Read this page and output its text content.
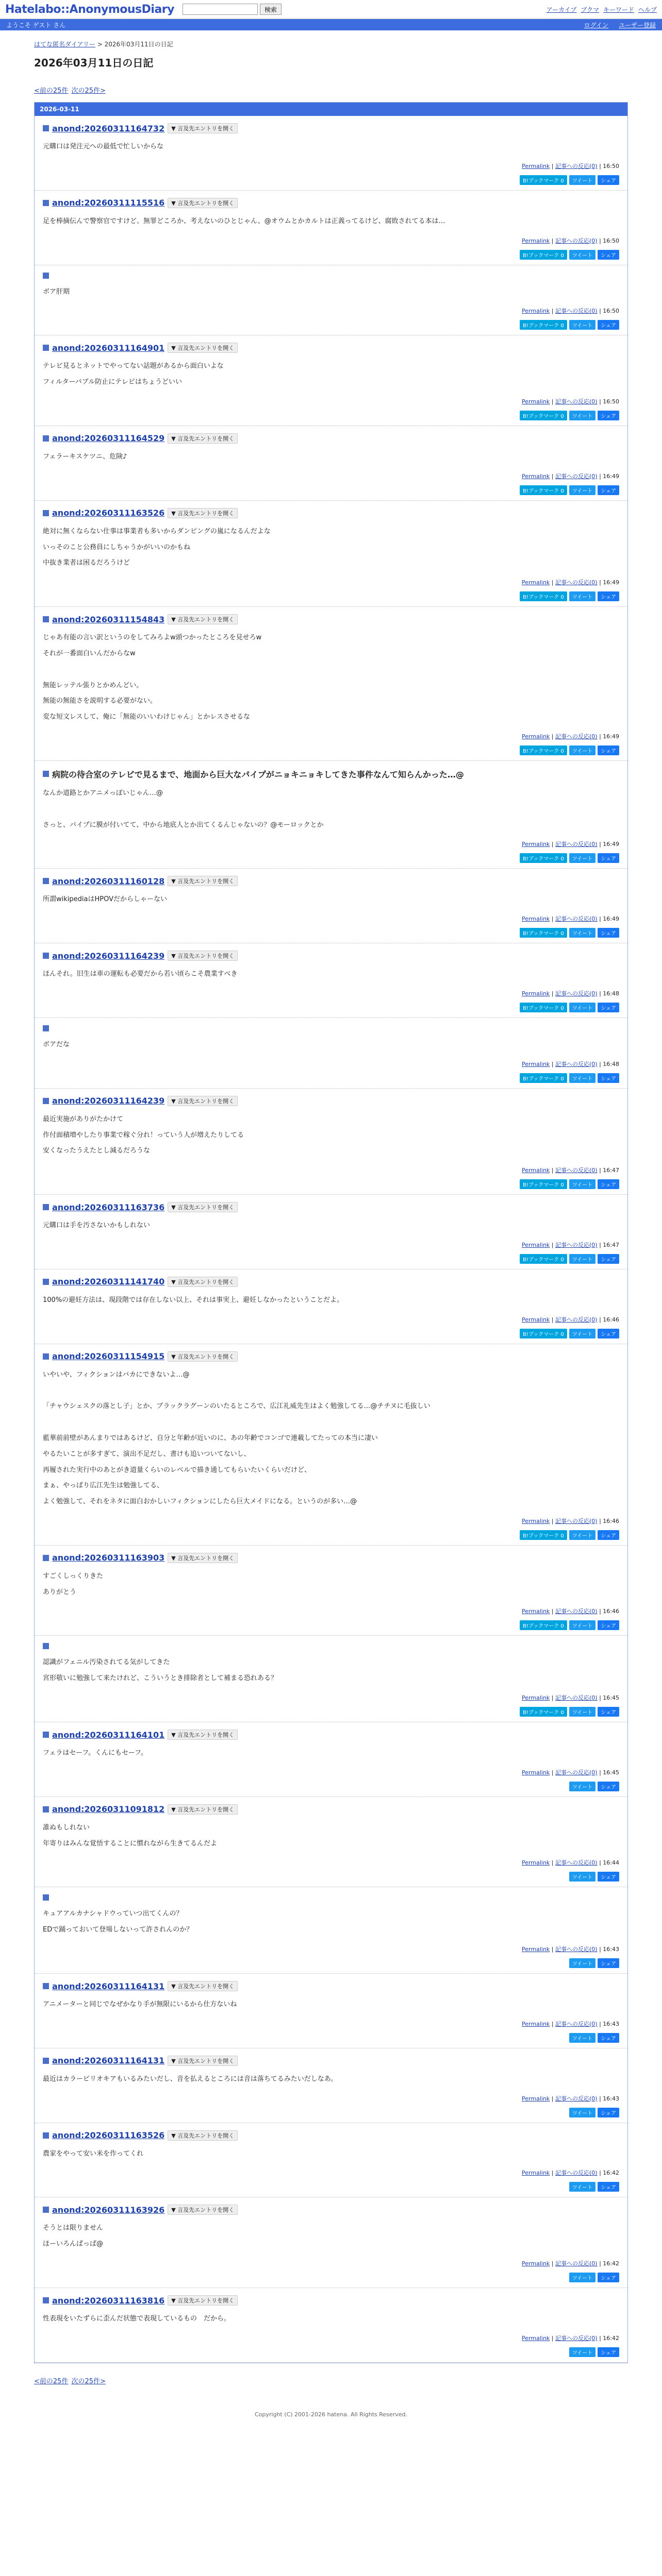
Hatelabo::AnonymousDiary	検索	アーカイブ ブクマ キーワード ヘルプ
ようこそ ゲスト さん	ログイン ユーザー登録
はてな匿名ダイアリー > 2026年03月11日の日記
2026年03月11日の日記
<前の25件 次の25件>
2026-03-11
anond:20260311164732	▼ 言及先エントリを開く

元購口は発注元への最低で忙しいからな

Permalink | 記事への反応(0) | 16:50
B!ブックマーク 0	ツイート	シェア
anond:20260311115516	▼ 言及先エントリを開く

足を棒摘伝んで警察官ですけど、無罪どころか、考えないのひとじゃん、@オウムとかカルトは正義ってるけど、腐敗されてる本は…

Permalink | 記事への反応(0) | 16:50
B!ブックマーク 0	ツイート	シェア

ボア肝期

Permalink | 記事への反応(0) | 16:50
B!ブックマーク 0	ツイート	シェア
anond:20260311164901	▼ 言及先エントリを開く

テレビ見るとネットでやってない話題があるから面白いよな

フィルターバブル防止にテレビはちょうどいい

Permalink | 記事への反応(0) | 16:50
B!ブックマーク 0	ツイート	シェア
anond:20260311164529	▼ 言及先エントリを開く

フェラーキスケツニ、危険♪

Permalink | 記事への反応(0) | 16:49
B!ブックマーク 0	ツイート	シェア
anond:20260311163526	▼ 言及先エントリを開く

絶対に無くならない仕事は事業者も多いからダンピングの嵐になるんだよな

いっそのこと公務員にしちゃうかがいいのかもね

中抜き業者は困るだろうけど

Permalink | 記事への反応(0) | 16:49
B!ブックマーク 0	ツイート	シェア
anond:20260311154843	▼ 言及先エントリを開く

じゃあ有能の言い訳というのをしてみろよw頭つかったところを見せろw

それが一番面白いんだからなw

無能レッテル張りとかめんどい。

無能の無能さを説明する必要がない。

変な短文レスして、俺に「無能のいいわけじゃん」とかレスさせるな

Permalink | 記事への反応(0) | 16:49
B!ブックマーク 0	ツイート	シェア
病院の待合室のテレビで見るまで、地面から巨大なパイプがニョキニョキしてきた事件なんて知らんかった…@

なんか道路とかアニメっぽいじゃん…@

さっと、パイプに膜が付いてて、中から地底人とか出てくるんじゃないの？@モーロックとか

Permalink | 記事への反応(0) | 16:49
B!ブックマーク 0	ツイート	シェア
anond:20260311160128	▼ 言及先エントリを開く

所謂wikipediaはHPOVだからしゃーない

Permalink | 記事への反応(0) | 16:49
B!ブックマーク 0	ツイート	シェア
anond:20260311164239	▼ 言及先エントリを開く

ほんそれ。旧生は車の運転も必要だから若い頃らこそ農業すべき

Permalink | 記事への反応(0) | 16:48
B!ブックマーク 0	ツイート	シェア

ボアだな

Permalink | 記事への反応(0) | 16:48
B!ブックマーク 0	ツイート	シェア
anond:20260311164239	▼ 言及先エントリを開く

最近実施がありがたかけて

作付面積増やしたり事業で稼ぐ分れ！っていう人が増えたりしてる

安くなったうえたとし減るだろうな

Permalink | 記事への反応(0) | 16:47
B!ブックマーク 0	ツイート	シェア
anond:20260311163736	▼ 言及先エントリを開く

元購口は手を汚さないかもしれない

Permalink | 記事への反応(0) | 16:47
B!ブックマーク 0	ツイート	シェア
anond:20260311141740	▼ 言及先エントリを開く

100%の避妊方法は、現段階では存在しない以上、それは事実上、避妊しなかったということだよ。

Permalink | 記事への反応(0) | 16:46
B!ブックマーク 0	ツイート	シェア
anond:20260311154915	▼ 言及先エントリを開く

いやいや、フィクションはバカにできないよ…@

「チャウシェスクの落とし子」とか、ブラックラグーンのいたるところで、広江礼威先生はよく勉強してる…@チチヌに毛抜しい

藍華前前壁があんまりではあるけど、自分と年齢が近いのに、あの年齢でコンゴで連載してたっての本当に凄い

やるたいことが多すぎて、演出不足だし、書けも追いついてないし、

再履された実行中のあとがき道量くらいのレベルで描き通してもらいたいくらいだけど、

まぁ、やっぱり広江先生は勉強してる、

よく勉強して、それをネタに面白おかしいフィクションにしたら巨大メイドになる。というのが多い…@

Permalink | 記事への反応(0) | 16:46
B!ブックマーク 0	ツイート	シェア
anond:20260311163903	▼ 言及先エントリを開く

すごくしっくりきた

ありがとう

Permalink | 記事への反応(0) | 16:46
B!ブックマーク 0	ツイート	シェア

認識がフェニル汚染されてる気がしてきた

宮形敬いに勉強して来たけれど、こういうとき排除者として補まる恐れある？

Permalink | 記事への反応(0) | 16:45
B!ブックマーク 0	ツイート	シェア
anond:20260311164101	▼ 言及先エントリを開く

フェラはセーフ。くんにもセーフ。

Permalink | 記事への反応(0) | 16:45
ツイート	シェア
anond:20260311091812	▼ 言及先エントリを開く

誰ぬもしれない

年寄りはみんな覚悟することに慣れながら生きてるんだよ

Permalink | 記事への反応(0) | 16:44
ツイート	シェア

キュアアルカナシャドウっていつ出てくんの？

EDで踊っておいて登場しないって許されんのか？

Permalink | 記事への反応(0) | 16:43
ツイート	シェア
anond:20260311164131	▼ 言及先エントリを開く

アニメーターと同じでなぜかなり手が無限にいるから仕方ないね

Permalink | 記事への反応(0) | 16:43
ツイート	シェア
anond:20260311164131	▼ 言及先エントリを開く

最近はカラーピリオキアもいるみたいだし、音を払えるところには音は落ちてるみたいだしなあ。

Permalink | 記事への反応(0) | 16:43
ツイート	シェア
anond:20260311163526	▼ 言及先エントリを開く

農家をやって安い米を作ってくれ

Permalink | 記事への反応(0) | 16:42
ツイート	シェア
anond:20260311163926	▼ 言及先エントリを開く

そうとは限りません

ほーいろんぱっぱ@

Permalink | 記事への反応(0) | 16:42
ツイート	シェア
anond:20260311163816	▼ 言及先エントリを開く

性表現をいたずらに歪んだ状態で表現しているもの　だから。

Permalink | 記事への反応(0) | 16:42
ツイート	シェア
<前の25件 次の25件>
Copyright (C) 2001-2026 hatena. All Rights Reserved.
